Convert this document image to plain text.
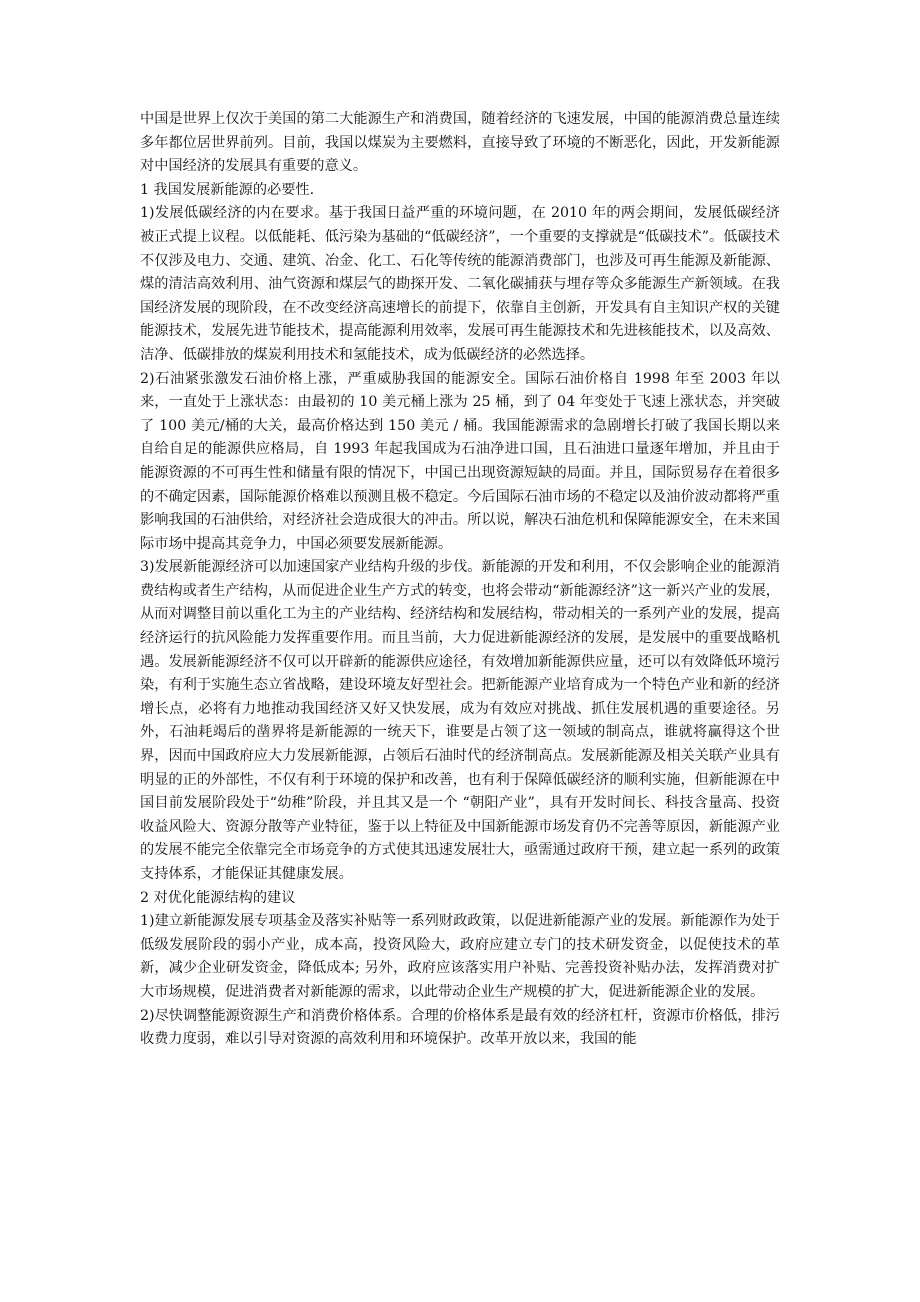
中国是世界上仅次于美国的第二大能源生产和消费国，随着经济的飞速发展，中国的能源消费总量连续多年都位居世界前列。目前，我国以煤炭为主要燃料，直接导致了环境的不断恶化，因此，开发新能源对中国经济的发展具有重要的意义。

1 我国发展新能源的必要性.

1)发展低碳经济的内在要求。基于我国日益严重的环境问题，在 2010 年的两会期间，发展低碳经济被正式提上议程。以低能耗、低污染为基础的“低碳经济”，一个重要的支撑就是“低碳技术”。低碳技术不仅涉及电力、交通、建筑、冶金、化工、石化等传统的能源消费部门，也涉及可再生能源及新能源、煤的清洁高效利用、油气资源和煤层气的勘探开发、二氧化碳捕获与埋存等众多能源生产新领域。在我国经济发展的现阶段，在不改变经济高速增长的前提下，依靠自主创新，开发具有自主知识产权的关键能源技术，发展先进节能技术，提高能源利用效率，发展可再生能源技术和先进核能技术，以及高效、洁净、低碳排放的煤炭利用技术和氢能技术，成为低碳经济的必然选择。

2)石油紧张激发石油价格上涨，严重威胁我国的能源安全。国际石油价格自 1998 年至 2003 年以来，一直处于上涨状态：由最初的 10 美元桶上涨为 25 桶，到了 04 年变处于飞速上涨状态，并突破了 100 美元/桶的大关，最高价格达到 150 美元 / 桶。我国能源需求的急剧增长打破了我国长期以来自给自足的能源供应格局，自 1993 年起我国成为石油净进口国，且石油进口量逐年增加，并且由于能源资源的不可再生性和储量有限的情况下，中国已出现资源短缺的局面。并且，国际贸易存在着很多的不确定因素，国际能源价格难以预测且极不稳定。今后国际石油市场的不稳定以及油价波动都将严重影响我国的石油供给，对经济社会造成很大的冲击。所以说，解决石油危机和保障能源安全，在未来国际市场中提高其竞争力，中国必须要发展新能源。

3)发展新能源经济可以加速国家产业结构升级的步伐。新能源的开发和利用，不仅会影响企业的能源消费结构或者生产结构，从而促进企业生产方式的转变，也将会带动“新能源经济”这一新兴产业的发展，从而对调整目前以重化工为主的产业结构、经济结构和发展结构，带动相关的一系列产业的发展，提高经济运行的抗风险能力发挥重要作用。而且当前，大力促进新能源经济的发展，是发展中的重要战略机遇。发展新能源经济不仅可以开辟新的能源供应途径，有效增加新能源供应量，还可以有效降低环境污染，有利于实施生态立省战略，建设环境友好型社会。把新能源产业培育成为一个特色产业和新的经济增长点，必将有力地推动我国经济又好又快发展，成为有效应对挑战、抓住发展机遇的重要途径。另外，石油耗竭后的凿界将是新能源的一统天下，谁要是占领了这一领域的制高点，谁就将赢得这个世界，因而中国政府应大力发展新能源，占领后石油时代的经济制高点。发展新能源及相关关联产业具有明显的正的外部性，不仅有利于环境的保护和改善，也有利于保障低碳经济的顺利实施，但新能源在中国目前发展阶段处于“幼稚”阶段，并且其又是一个 “朝阳产业”，具有开发时间长、科技含量高、投资收益风险大、资源分散等产业特征，鉴于以上特征及中国新能源市场发育仍不完善等原因，新能源产业的发展不能完全依靠完全市场竞争的方式使其迅速发展壮大，亟需通过政府干预，建立起一系列的政策支持体系，才能保证其健康发展。

2 对优化能源结构的建议

1)建立新能源发展专项基金及落实补贴等一系列财政政策，以促进新能源产业的发展。新能源作为处于低级发展阶段的弱小产业，成本高，投资风险大，政府应建立专门的技术研发资金，以促使技术的革新，减少企业研发资金，降低成本; 另外，政府应该落实用户补贴、完善投资补贴办法，发挥消费对扩大市场规模，促进消费者对新能源的需求，以此带动企业生产规模的扩大，促进新能源企业的发展。

2)尽快调整能源资源生产和消费价格体系。合理的价格体系是最有效的经济杠杆，资源市价格低，排污收费力度弱，难以引导对资源的高效利用和环境保护。改革开放以来，我国的能
